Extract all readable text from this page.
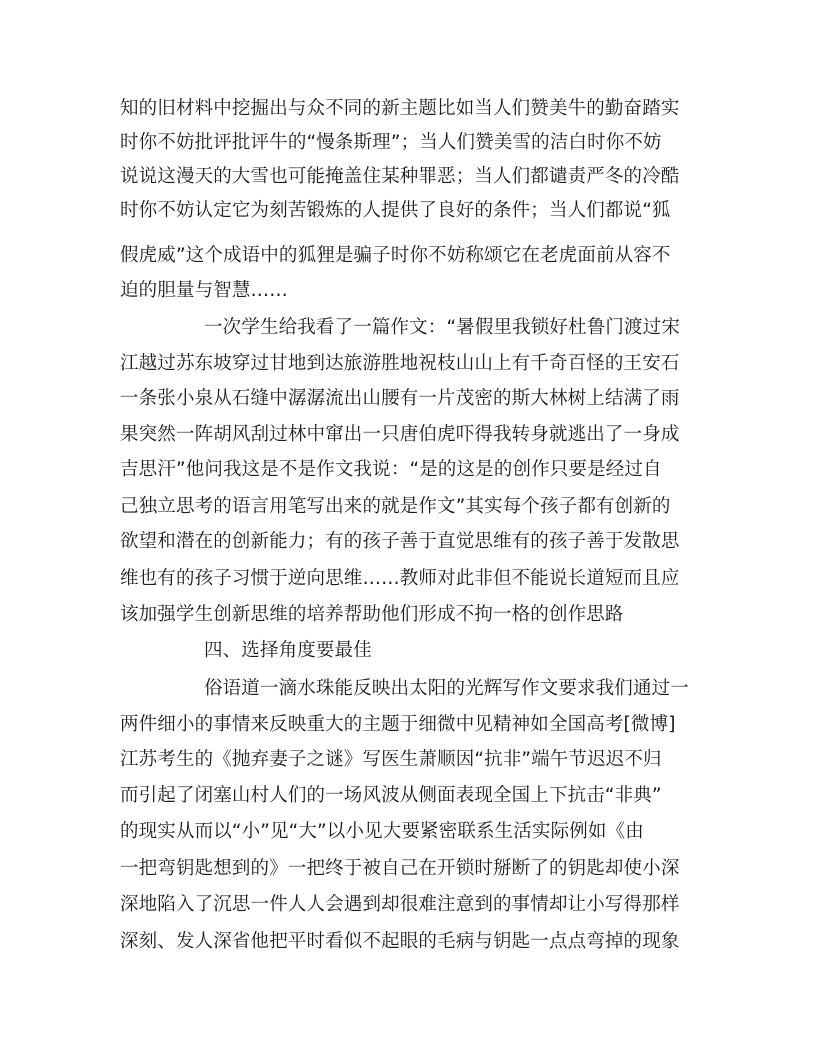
知的旧材料中挖掘出与众不同的新主题比如当人们赞美牛的勤奋踏实
时你不妨批评批评牛的“慢条斯理”；当人们赞美雪的洁白时你不妨
说说这漫天的大雪也可能掩盖住某种罪恶；当人们都谴责严冬的冷酷
时你不妨认定它为刻苦锻炼的人提供了良好的条件；当人们都说“狐
假虎威”这个成语中的狐狸是骗子时你不妨称颂它在老虎面前从容不
迫的胆量与智慧……
一次学生给我看了一篇作文：“暑假里我锁好杜鲁门渡过宋
江越过苏东坡穿过甘地到达旅游胜地祝枝山山上有千奇百怪的王安石
一条张小泉从石缝中潺潺流出山腰有一片茂密的斯大林树上结满了雨
果突然一阵胡风刮过林中窜出一只唐伯虎吓得我转身就逃出了一身成
吉思汗”他问我这是不是作文我说：“是的这是的创作只要是经过自
己独立思考的语言用笔写出来的就是作文”其实每个孩子都有创新的
欲望和潜在的创新能力；有的孩子善于直觉思维有的孩子善于发散思
维也有的孩子习惯于逆向思维……教师对此非但不能说长道短而且应
该加强学生创新思维的培养帮助他们形成不拘一格的创作思路
四、选择角度要最佳
俗语道一滴水珠能反映出太阳的光辉写作文要求我们通过一
两件细小的事情来反映重大的主题于细微中见精神如全国高考[微博]
江苏考生的《抛弃妻子之谜》写医生萧顺因“抗非”端午节迟迟不归
而引起了闭塞山村人们的一场风波从侧面表现全国上下抗击“非典”
的现实从而以“小”见“大”以小见大要紧密联系生活实际例如《由
一把弯钥匙想到的》一把终于被自己在开锁时掰断了的钥匙却使小深
深地陷入了沉思一件人人会遇到却很难注意到的事情却让小写得那样
深刻、发人深省他把平时看似不起眼的毛病与钥匙一点点弯掉的现象
